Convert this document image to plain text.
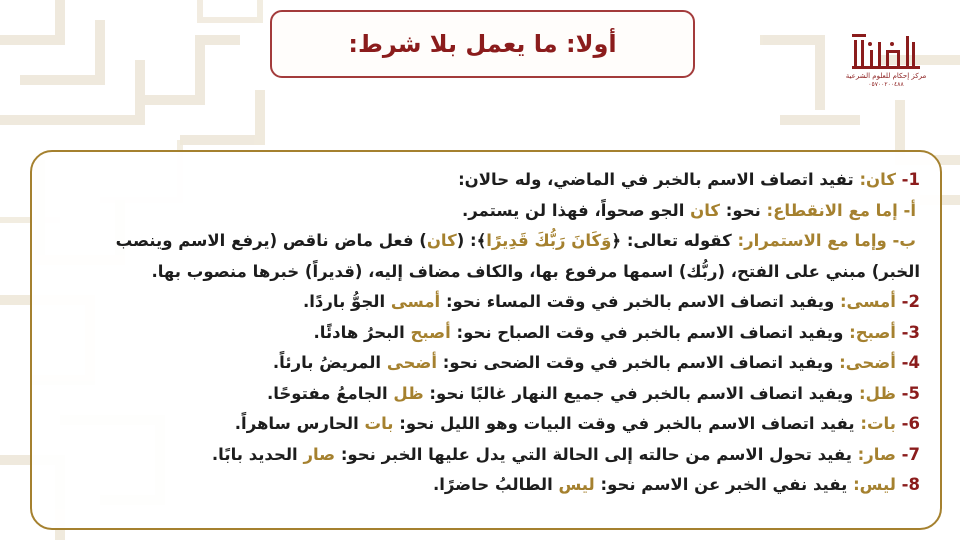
أولا: ما يعمل بلا شرط:
مركز إحكام للعلوم الشرعية
٠٥٧٠٠٢٠٠٤٨٨
1- كان: تفيد اتصاف الاسم بالخبر في الماضي، وله حالان:
أ- إما مع الانقطاع: نحو: كان الجو صحواً، فهذا لن يستمر.
ب- وإما مع الاستمرار: كقوله تعالى: ﴿وَكَانَ رَبُّكَ قَدِيرًا﴾: (كان) فعل ماض ناقص (يرفع الاسم وينصب
الخبر) مبني على الفتح، (ربُّك) اسمها مرفوع بها، والكاف مضاف إليه، (قديراً) خبرها منصوب بها.
2- أمسى: ويفيد اتصاف الاسم بالخبر في وقت المساء نحو: أمسى الجوُّ باردًا.
3- أصبح: ويفيد اتصاف الاسم بالخبر في وقت الصباح نحو: أصبح البحرُ هادئًا.
4- أضحى: ويفيد اتصاف الاسم بالخبر في وقت الضحى نحو: أضحى المريضُ بارئاً.
5- ظل: ويفيد اتصاف الاسم بالخبر في جميع النهار غالبًا نحو: ظل الجامعُ مفتوحًا.
6- بات: يفيد اتصاف الاسم بالخبر في وقت البيات وهو الليل نحو: بات الحارس ساهراً.
7- صار: يفيد تحول الاسم من حالته إلى الحالة التي يدل عليها الخبر نحو: صار الحديد بابًا.
8- ليس: يفيد نفي الخبر عن الاسم نحو: ليس الطالبُ حاضرًا.
